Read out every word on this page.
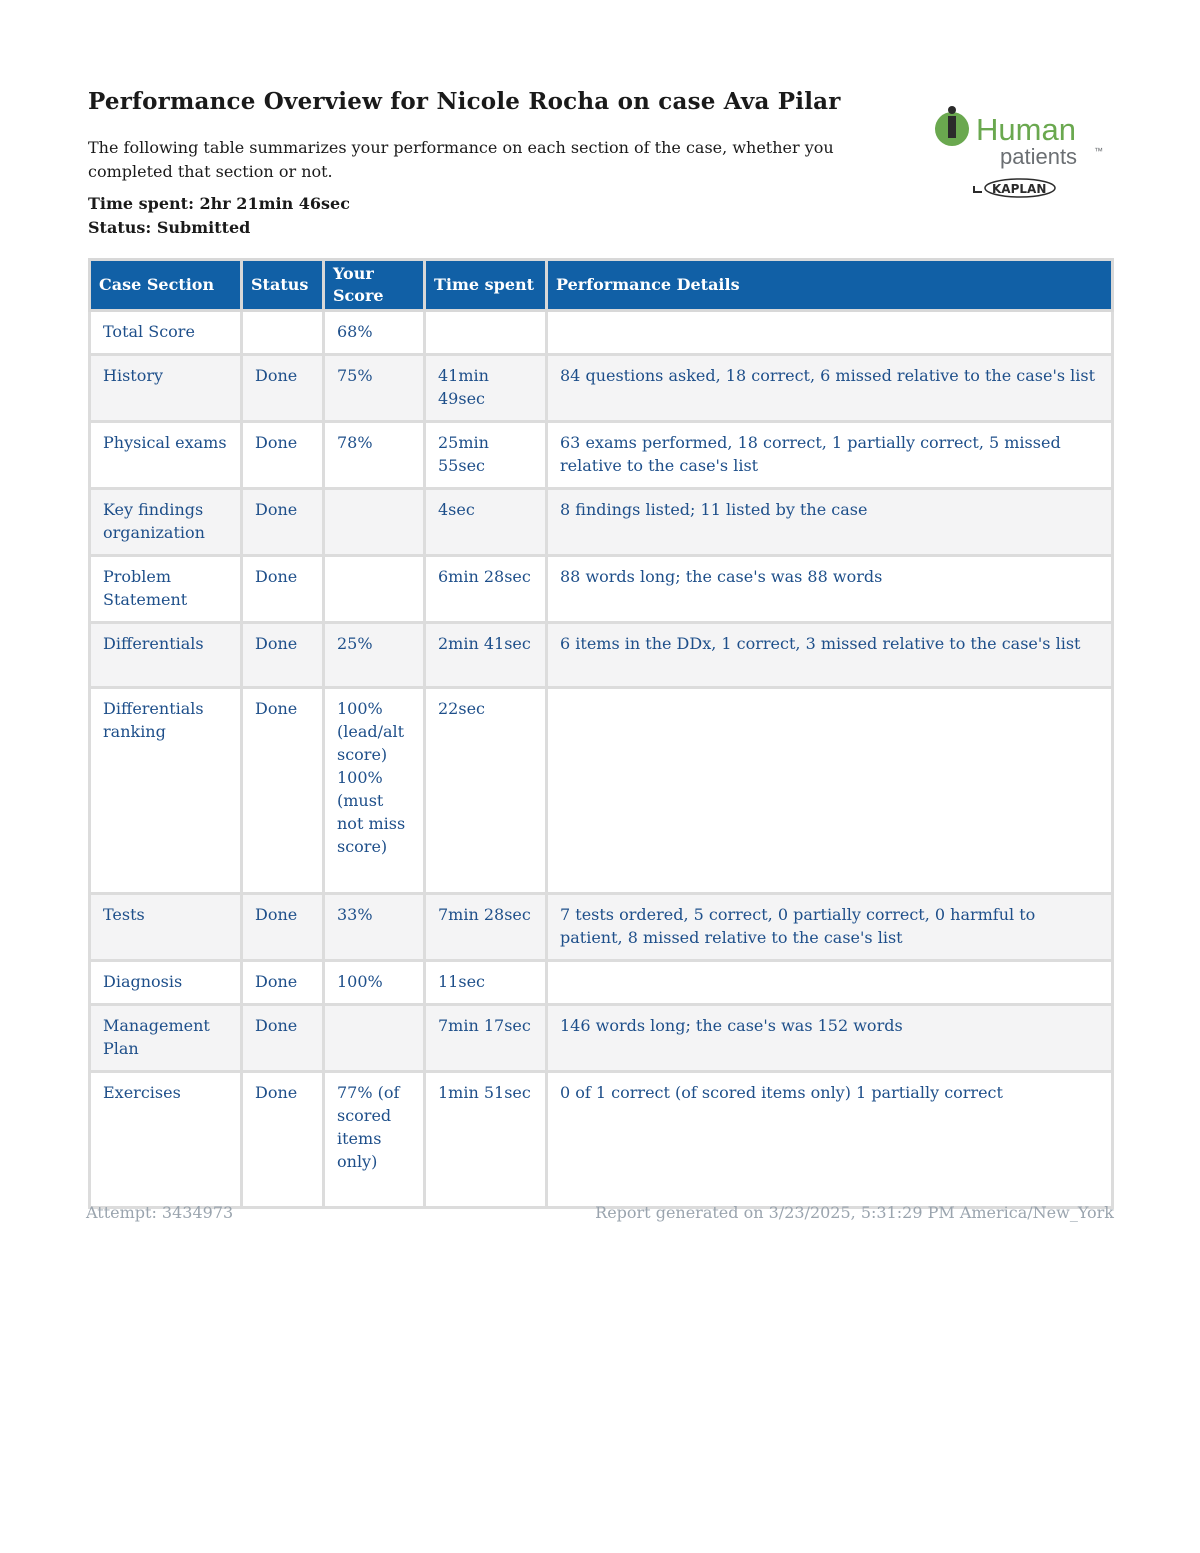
Performance Overview for Nicole Rocha on case Ava Pilar
The following table summarizes your performance on each section of the case, whether you completed that section or not.
Time spent: 2hr 21min 46sec
Status: Submitted
Human
patients ™
KAPLAN
Case Section	Status	Your Score	Time spent	Performance Details
Total Score		68%		
History	Done	75%	41min 49sec	84 questions asked, 18 correct, 6 missed relative to the case's list
Physical exams	Done	78%	25min 55sec	63 exams performed, 18 correct, 1 partially correct, 5 missed relative to the case's list
Key findings organization	Done		4sec	8 findings listed; 11 listed by the case
Problem Statement	Done		6min 28sec	88 words long; the case's was 88 words
Differentials	Done	25%	2min 41sec	6 items in the DDx, 1 correct, 3 missed relative to the case's list
Differentials ranking	Done	100% (lead/alt score) 100% (must not miss score)	22sec	
Tests	Done	33%	7min 28sec	7 tests ordered, 5 correct, 0 partially correct, 0 harmful to patient, 8 missed relative to the case's list
Diagnosis	Done	100%	11sec	
Management Plan	Done		7min 17sec	146 words long; the case's was 152 words
Exercises	Done	77% (of scored items only)	1min 51sec	0 of 1 correct (of scored items only) 1 partially correct
Attempt: 3434973	Report generated on 3/23/2025, 5:31:29 PM America/New_York
